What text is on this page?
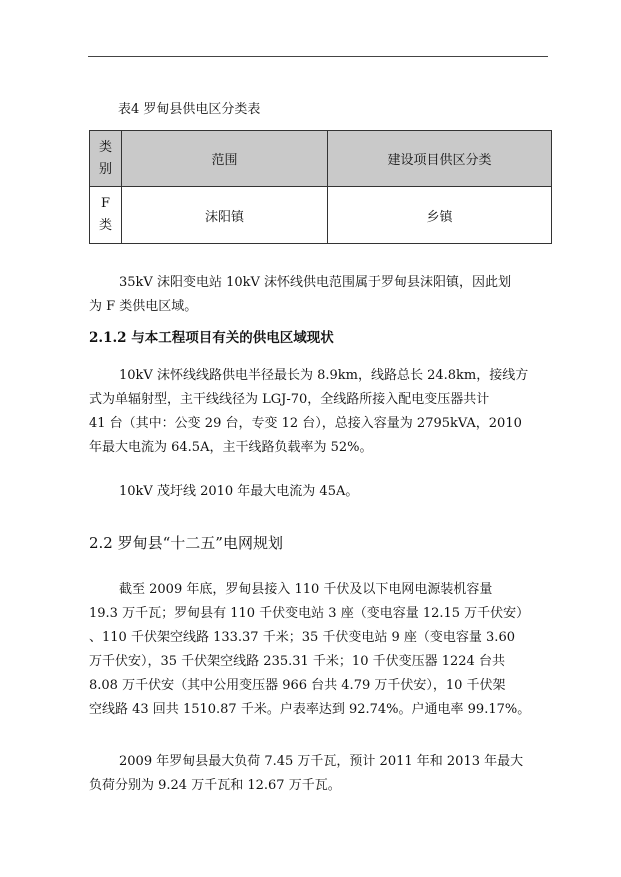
表4 罗甸县供电区分类表
类
别	范围	建设项目供区分类

F
类	沫阳镇	乡镇

35kV 沫阳变电站 10kV 沫怀线供电范围属于罗甸县沫阳镇，因此划
为 F 类供电区域。

2.1.2 与本工程项目有关的供电区域现状

10kV 沫怀线线路供电半径最长为 8.9km，线路总长 24.8km，接线方
式为单辐射型，主干线线径为 LGJ-70，全线路所接入配电变压器共计
41 台（其中：公变 29 台，专变 12 台），总接入容量为 2795kVA，2010
年最大电流为 64.5A，主干线路负载率为 52%。

10kV 茂圩线 2010 年最大电流为 45A。

2.2 罗甸县“十二五”电网规划

截至 2009 年底，罗甸县接入 110 千伏及以下电网电源装机容量
19.3 万千瓦；罗甸县有 110 千伏变电站 3 座（变电容量 12.15 万千伏安）
、110 千伏架空线路 133.37 千米；35 千伏变电站 9 座（变电容量 3.60
万千伏安），35 千伏架空线路 235.31 千米；10 千伏变压器 1224 台共
8.08 万千伏安（其中公用变压器 966 台共 4.79 万千伏安），10 千伏架
空线路 43 回共 1510.87 千米。户表率达到 92.74%。户通电率 99.17%。

2009 年罗甸县最大负荷 7.45 万千瓦，预计 2011 年和 2013 年最大
负荷分别为 9.24 万千瓦和 12.67 万千瓦。
